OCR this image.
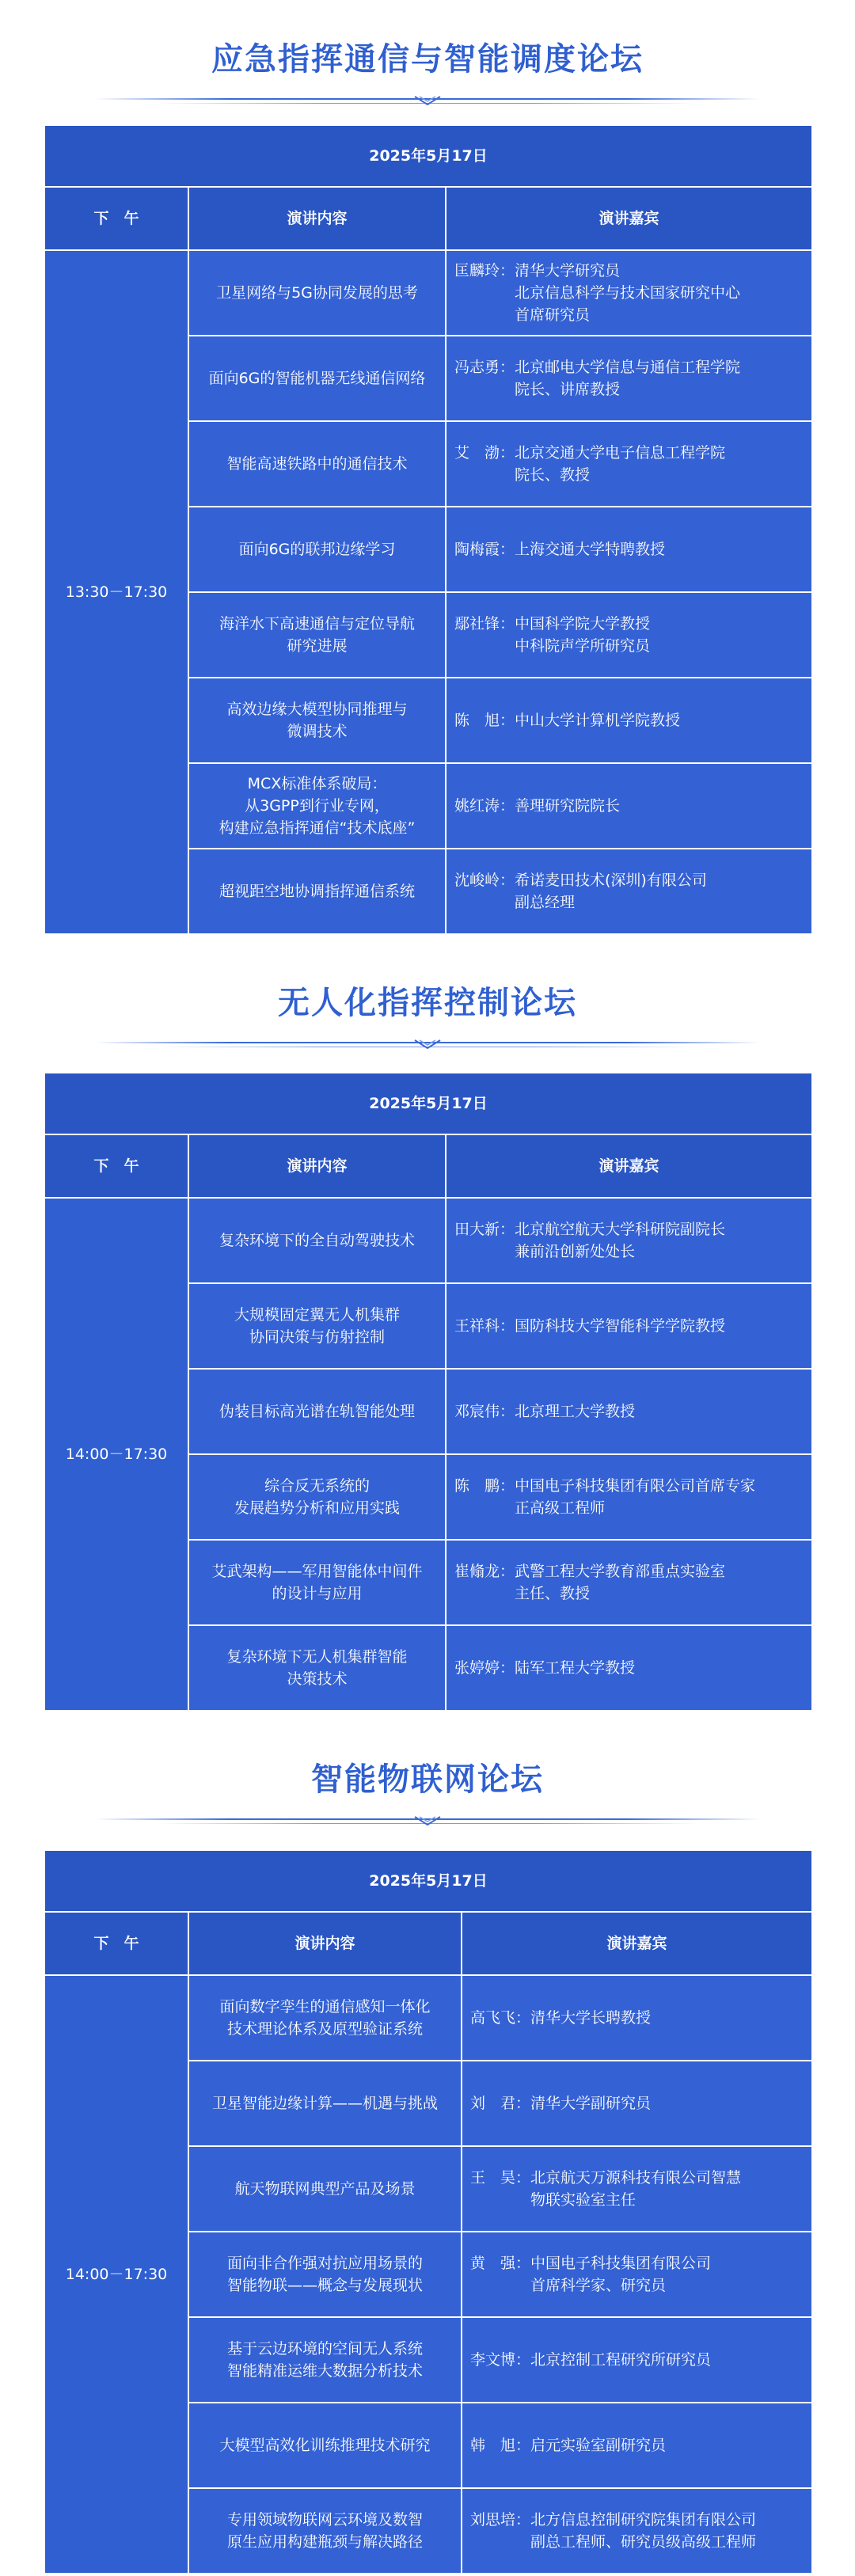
应急指挥通信与智能调度论坛
2025年5月17日		
下　午	演讲内容	演讲嘉宾
13:30－17:30	卫星网络与5G协同发展的思考	匡麟玲： 清华大学研究员
北京信息科学与技术国家研究中心
首席研究员

	面向6G的智能机器无线通信网络	冯志勇： 北京邮电大学信息与通信工程学院
院长、讲席教授

	智能高速铁路中的通信技术	艾　渤： 北京交通大学电子信息工程学院
院长、教授

	面向6G的联邦边缘学习	陶梅霞： 上海交通大学特聘教授

	海洋水下高速通信与定位导航
研究进展	鄢社锋： 中国科学院大学教授
中科院声学所研究员

	高效边缘大模型协同推理与
微调技术	陈　旭： 中山大学计算机学院教授

	MCX标准体系破局：
从3GPP到行业专网，
构建应急指挥通信“技术底座”	姚红涛： 善理研究院院长

	超视距空地协调指挥通信系统	沈峻岭： 希诺麦田技术(深圳)有限公司
副总经理
无人化指挥控制论坛
2025年5月17日		
下　午	演讲内容	演讲嘉宾
14:00－17:30	复杂环境下的全自动驾驶技术	田大新： 北京航空航天大学科研院副院长
兼前沿创新处处长

	大规模固定翼无人机集群
协同决策与仿射控制	王祥科： 国防科技大学智能科学学院教授

	伪装目标高光谱在轨智能处理	邓宸伟： 北京理工大学教授

	综合反无系统的
发展趋势分析和应用实践	陈　鹏： 中国电子科技集团有限公司首席专家
正高级工程师

	艾武架构——军用智能体中间件
的设计与应用	崔翛龙： 武警工程大学教育部重点实验室
主任、教授

	复杂环境下无人机集群智能
决策技术	张婷婷： 陆军工程大学教授
智能物联网论坛
2025年5月17日		
下　午	演讲内容	演讲嘉宾
14:00－17:30	面向数字孪生的通信感知一体化
技术理论体系及原型验证系统	高飞飞： 清华大学长聘教授

	卫星智能边缘计算——机遇与挑战	刘　君： 清华大学副研究员

	航天物联网典型产品及场景	王　昊： 北京航天万源科技有限公司智慧
物联实验室主任

	面向非合作强对抗应用场景的
智能物联——概念与发展现状	黄　强： 中国电子科技集团有限公司
首席科学家、研究员

	基于云边环境的空间无人系统
智能精准运维大数据分析技术	李文博： 北京控制工程研究所研究员

	大模型高效化训练推理技术研究	韩　旭： 启元实验室副研究员

	专用领域物联网云环境及数智
原生应用构建瓶颈与解决路径	刘思培： 北方信息控制研究院集团有限公司
副总工程师、研究员级高级工程师
